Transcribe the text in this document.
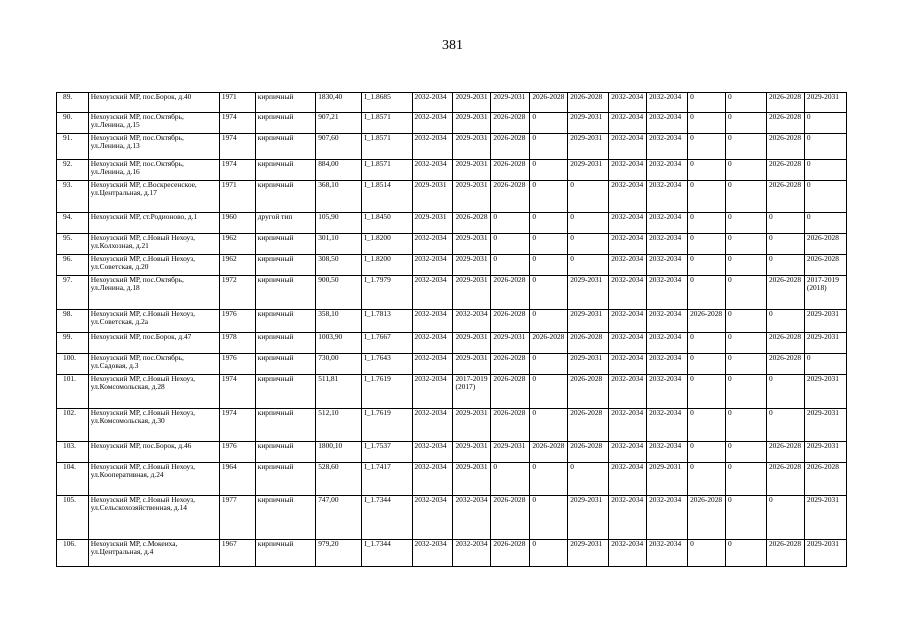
381
89.	Нехоузский МР, пос.Борок, д.40	1971	кирпичный	1830,40	I_1.8685	2032-2034	2029-2031	2029-2031	2026-2028	2026-2028	2032-2034	2032-2034	0	0	2026-2028	2029-2031
90.	Нехоузский МР, пос.Октябрь, ул.Ленина, д.15	1974	кирпичный	907,21	I_1.8571	2032-2034	2029-2031	2026-2028	0	2029-2031	2032-2034	2032-2034	0	0	2026-2028	0
91.	Нехоузский МР, пос.Октябрь, ул.Ленина, д.13	1974	кирпичный	907,60	I_1.8571	2032-2034	2029-2031	2026-2028	0	2029-2031	2032-2034	2032-2034	0	0	2026-2028	0
92.	Нехоузский МР, пос.Октябрь, ул.Ленина, д.16	1974	кирпичный	884,00	I_1.8571	2032-2034	2029-2031	2026-2028	0	2029-2031	2032-2034	2032-2034	0	0	2026-2028	0
93.	Нехоузский МР, с.Воскресенское, ул.Центральная, д.17	1971	кирпичный	368,10	I_1.8514	2029-2031	2029-2031	2026-2028	0	0	2032-2034	2032-2034	0	0	2026-2028	0
94.	Нехоузский МР, ст.Родионово, д.1	1960	другой тип	105,90	I_1.8450	2029-2031	2026-2028	0	0	0	2032-2034	2032-2034	0	0	0	0
95.	Нехоузский МР, с.Новый Нехоуз, ул.Колхозная, д.21	1962	кирпичный	301,10	I_1.8200	2032-2034	2029-2031	0	0	0	2032-2034	2032-2034	0	0	0	2026-2028
96.	Нехоузский МР, с.Новый Нехоуз, ул.Советская, д.20	1962	кирпичный	308,50	I_1.8200	2032-2034	2029-2031	0	0	0	2032-2034	2032-2034	0	0	0	2026-2028
97.	Нехоузский МР, пос.Октябрь, ул.Ленина, д.18	1972	кирпичный	900,50	I_1.7979	2032-2034	2029-2031	2026-2028	0	2029-2031	2032-2034	2032-2034	0	0	2026-2028	2017-2019 (2018)
98.	Нехоузский МР, с.Новый Нехоуз, ул.Советская, д.2а	1976	кирпичный	358,10	I_1.7813	2032-2034	2032-2034	2026-2028	0	2029-2031	2032-2034	2032-2034	2026-2028	0	0	2029-2031
99.	Нехоузский МР, пос.Борок, д.47	1978	кирпичный	1003,90	I_1.7667	2032-2034	2029-2031	2029-2031	2026-2028	2026-2028	2032-2034	2032-2034	0	0	2026-2028	2029-2031
100.	Нехоузский МР, пос.Октябрь, ул.Садовая, д.3	1976	кирпичный	730,00	I_1.7643	2032-2034	2029-2031	2026-2028	0	2029-2031	2032-2034	2032-2034	0	0	2026-2028	0
101.	Нехоузский МР, с.Новый Нехоуз, ул.Комсомольская, д.28	1974	кирпичный	511,81	I_1.7619	2032-2034	2017-2019 (2017)	2026-2028	0	2026-2028	2032-2034	2032-2034	0	0	0	2029-2031
102.	Нехоузский МР, с.Новый Нехоуз, ул.Комсомольская, д.30	1974	кирпичный	512,10	I_1.7619	2032-2034	2029-2031	2026-2028	0	2026-2028	2032-2034	2032-2034	0	0	0	2029-2031
103.	Нехоузский МР, пос.Борок, д.46	1976	кирпичный	1800,10	I_1.7537	2032-2034	2029-2031	2029-2031	2026-2028	2026-2028	2032-2034	2032-2034	0	0	2026-2028	2029-2031
104.	Нехоузский МР, с.Новый Нехоуз, ул.Кооперативная, д.24	1964	кирпичный	528,60	I_1.7417	2032-2034	2029-2031	0	0	0	2032-2034	2029-2031	0	0	2026-2028	2026-2028
105.	Нехоузский МР, с.Новый Нехоуз, ул.Сельскохозяйственная, д.14	1977	кирпичный	747,00	I_1.7344	2032-2034	2032-2034	2026-2028	0	2029-2031	2032-2034	2032-2034	2026-2028	0	0	2029-2031
106.	Нехоузский МР, с.Мокеиха, ул.Центральная, д.4	1967	кирпичный	979,20	I_1.7344	2032-2034	2032-2034	2026-2028	0	2029-2031	2032-2034	2032-2034	0	0	2026-2028	2029-2031
